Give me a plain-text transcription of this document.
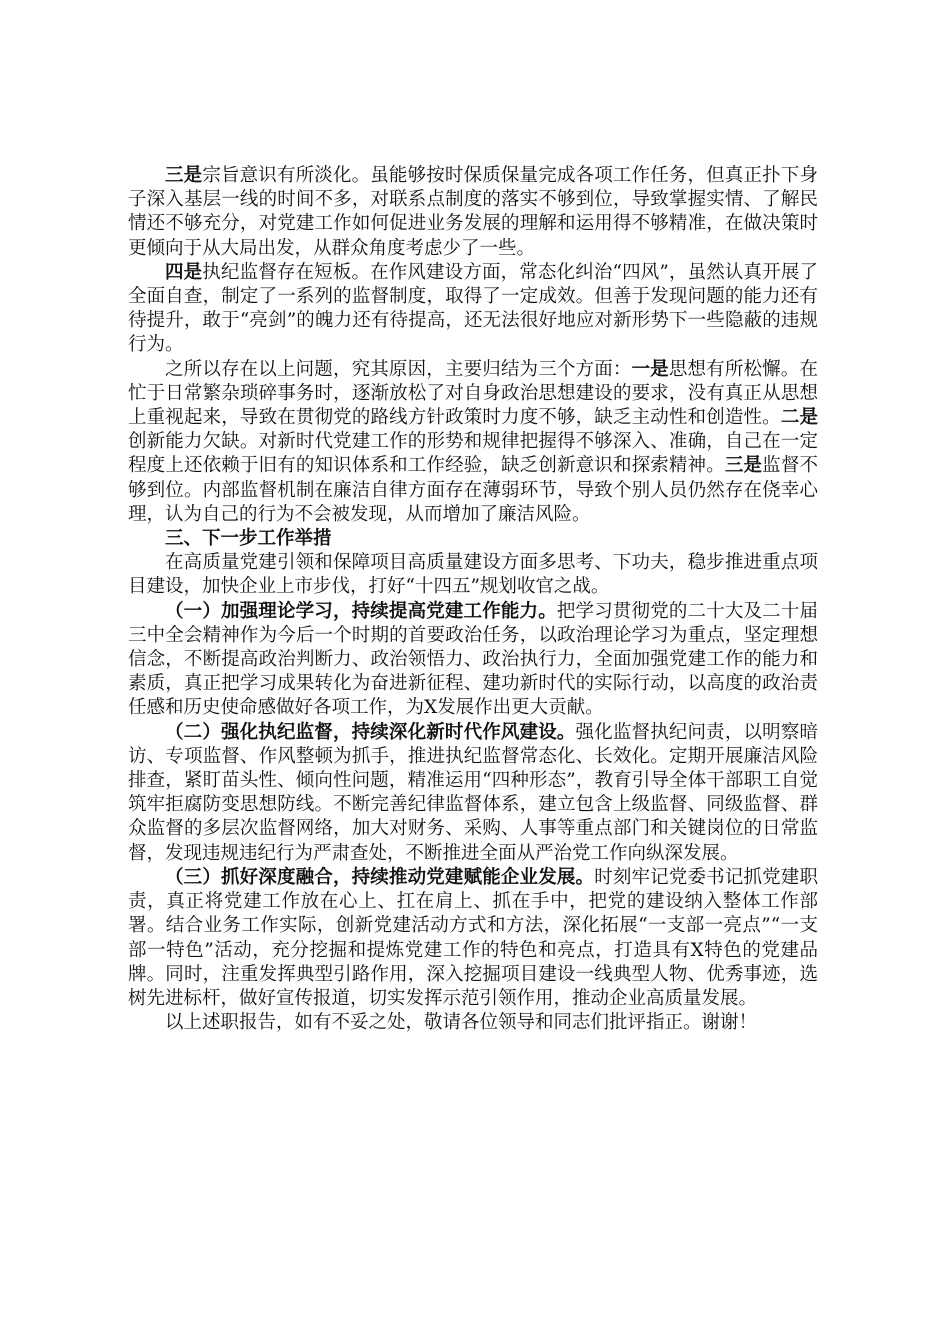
三是宗旨意识有所淡化。虽能够按时保质保量完成各项工作任务，但真正扑下身子深入基层一线的时间不多，对联系点制度的落实不够到位，导致掌握实情、了解民情还不够充分，对党建工作如何促进业务发展的理解和运用得不够精准，在做决策时更倾向于从大局出发，从群众角度考虑少了一些。

四是执纪监督存在短板。在作风建设方面，常态化纠治“四风”，虽然认真开展了全面自查，制定了一系列的监督制度，取得了一定成效。但善于发现问题的能力还有待提升，敢于“亮剑”的魄力还有待提高，还无法很好地应对新形势下一些隐蔽的违规行为。

之所以存在以上问题，究其原因，主要归结为三个方面：一是思想有所松懈。在忙于日常繁杂琐碎事务时，逐渐放松了对自身政治思想建设的要求，没有真正从思想上重视起来，导致在贯彻党的路线方针政策时力度不够，缺乏主动性和创造性。二是创新能力欠缺。对新时代党建工作的形势和规律把握得不够深入、准确，自己在一定程度上还依赖于旧有的知识体系和工作经验，缺乏创新意识和探索精神。三是监督不够到位。内部监督机制在廉洁自律方面存在薄弱环节，导致个别人员仍然存在侥幸心理，认为自己的行为不会被发现，从而增加了廉洁风险。

三、下一步工作举措

在高质量党建引领和保障项目高质量建设方面多思考、下功夫，稳步推进重点项目建设，加快企业上市步伐，打好“十四五”规划收官之战。

（一）加强理论学习，持续提高党建工作能力。把学习贯彻党的二十大及二十届三中全会精神作为今后一个时期的首要政治任务，以政治理论学习为重点，坚定理想信念，不断提高政治判断力、政治领悟力、政治执行力，全面加强党建工作的能力和素质，真正把学习成果转化为奋进新征程、建功新时代的实际行动，以高度的政治责任感和历史使命感做好各项工作，为X发展作出更大贡献。

（二）强化执纪监督，持续深化新时代作风建设。强化监督执纪问责，以明察暗访、专项监督、作风整顿为抓手，推进执纪监督常态化、长效化。定期开展廉洁风险排查，紧盯苗头性、倾向性问题，精准运用“四种形态”，教育引导全体干部职工自觉筑牢拒腐防变思想防线。不断完善纪律监督体系，建立包含上级监督、同级监督、群众监督的多层次监督网络，加大对财务、采购、人事等重点部门和关键岗位的日常监督，发现违规违纪行为严肃查处，不断推进全面从严治党工作向纵深发展。

（三）抓好深度融合，持续推动党建赋能企业发展。时刻牢记党委书记抓党建职责，真正将党建工作放在心上、扛在肩上、抓在手中，把党的建设纳入整体工作部署。结合业务工作实际，创新党建活动方式和方法，深化拓展“一支部一亮点”“一支部一特色”活动，充分挖掘和提炼党建工作的特色和亮点，打造具有X特色的党建品牌。同时，注重发挥典型引路作用，深入挖掘项目建设一线典型人物、优秀事迹，选树先进标杆，做好宣传报道，切实发挥示范引领作用，推动企业高质量发展。

以上述职报告，如有不妥之处，敬请各位领导和同志们批评指正。谢谢！
